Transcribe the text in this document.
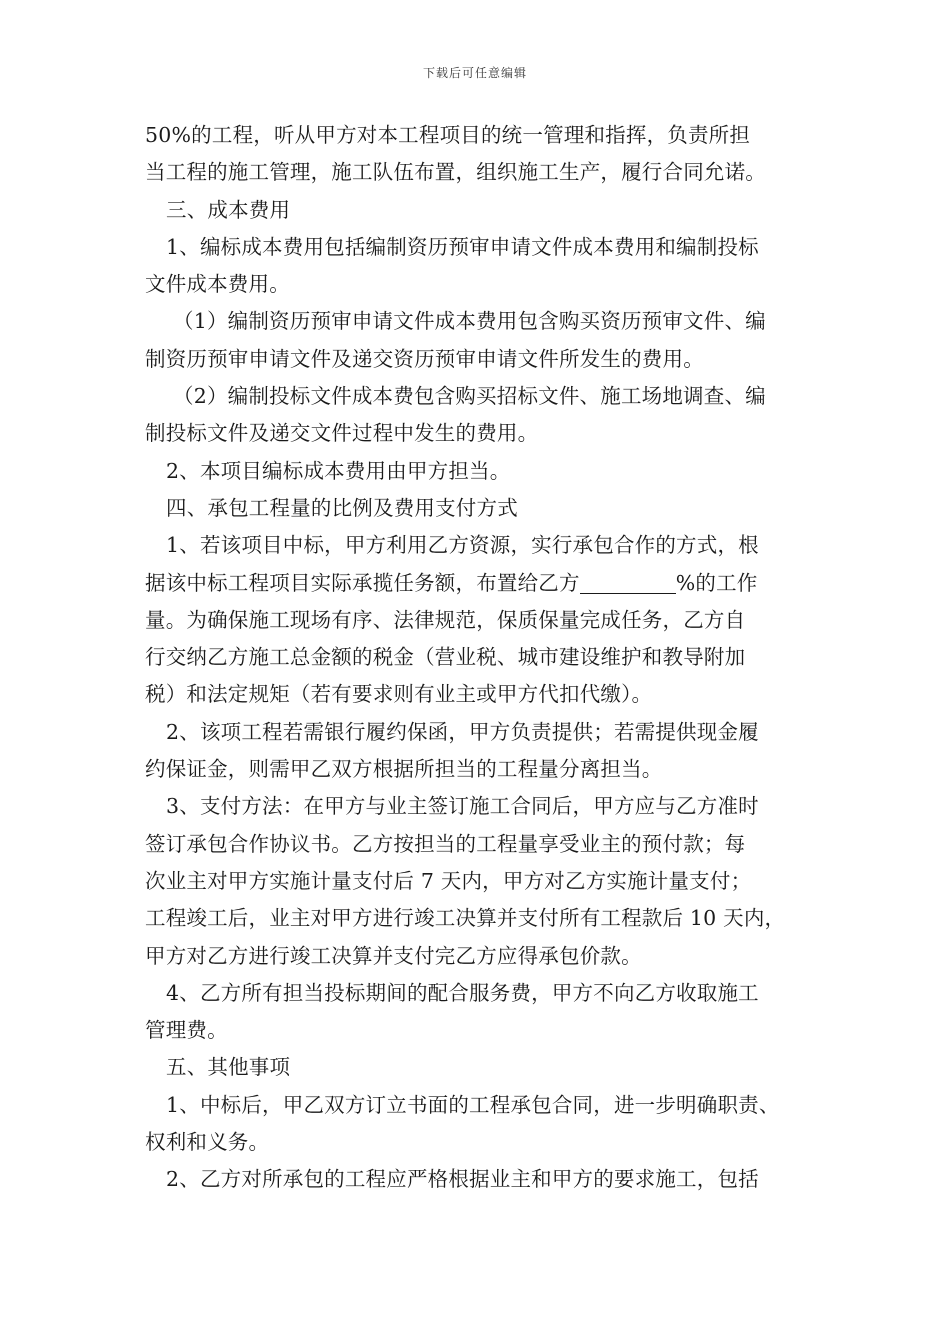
下载后可任意编辑
50%的工程，听从甲方对本工程项目的统一管理和指挥，负责所担
当工程的施工管理，施工队伍布置，组织施工生产，履行合同允诺。
三、成本费用
1、编标成本费用包括编制资历预审申请文件成本费用和编制投标
文件成本费用。
（1）编制资历预审申请文件成本费用包含购买资历预审文件、编
制资历预审申请文件及递交资历预审申请文件所发生的费用。
（2）编制投标文件成本费包含购买招标文件、施工场地调查、编
制投标文件及递交文件过程中发生的费用。
2、本项目编标成本费用由甲方担当。
四、承包工程量的比例及费用支付方式
1、若该项目中标，甲方利用乙方资源，实行承包合作的方式，根
据该中标工程项目实际承揽任务额，布置给乙方	%的工作
量。为确保施工现场有序、法律规范，保质保量完成任务，乙方自
行交纳乙方施工总金额的税金（营业税、城市建设维护和教导附加
税）和法定规矩（若有要求则有业主或甲方代扣代缴）。
2、该项工程若需银行履约保函，甲方负责提供；若需提供现金履
约保证金，则需甲乙双方根据所担当的工程量分离担当。
3、支付方法：在甲方与业主签订施工合同后，甲方应与乙方准时
签订承包合作协议书。乙方按担当的工程量享受业主的预付款；每
次业主对甲方实施计量支付后 7 天内，甲方对乙方实施计量支付；
工程竣工后，业主对甲方进行竣工决算并支付所有工程款后 10 天内，
甲方对乙方进行竣工决算并支付完乙方应得承包价款。
4、乙方所有担当投标期间的配合服务费，甲方不向乙方收取施工
管理费。
五、其他事项
1、中标后，甲乙双方订立书面的工程承包合同，进一步明确职责、
权利和义务。
2、乙方对所承包的工程应严格根据业主和甲方的要求施工，包括
